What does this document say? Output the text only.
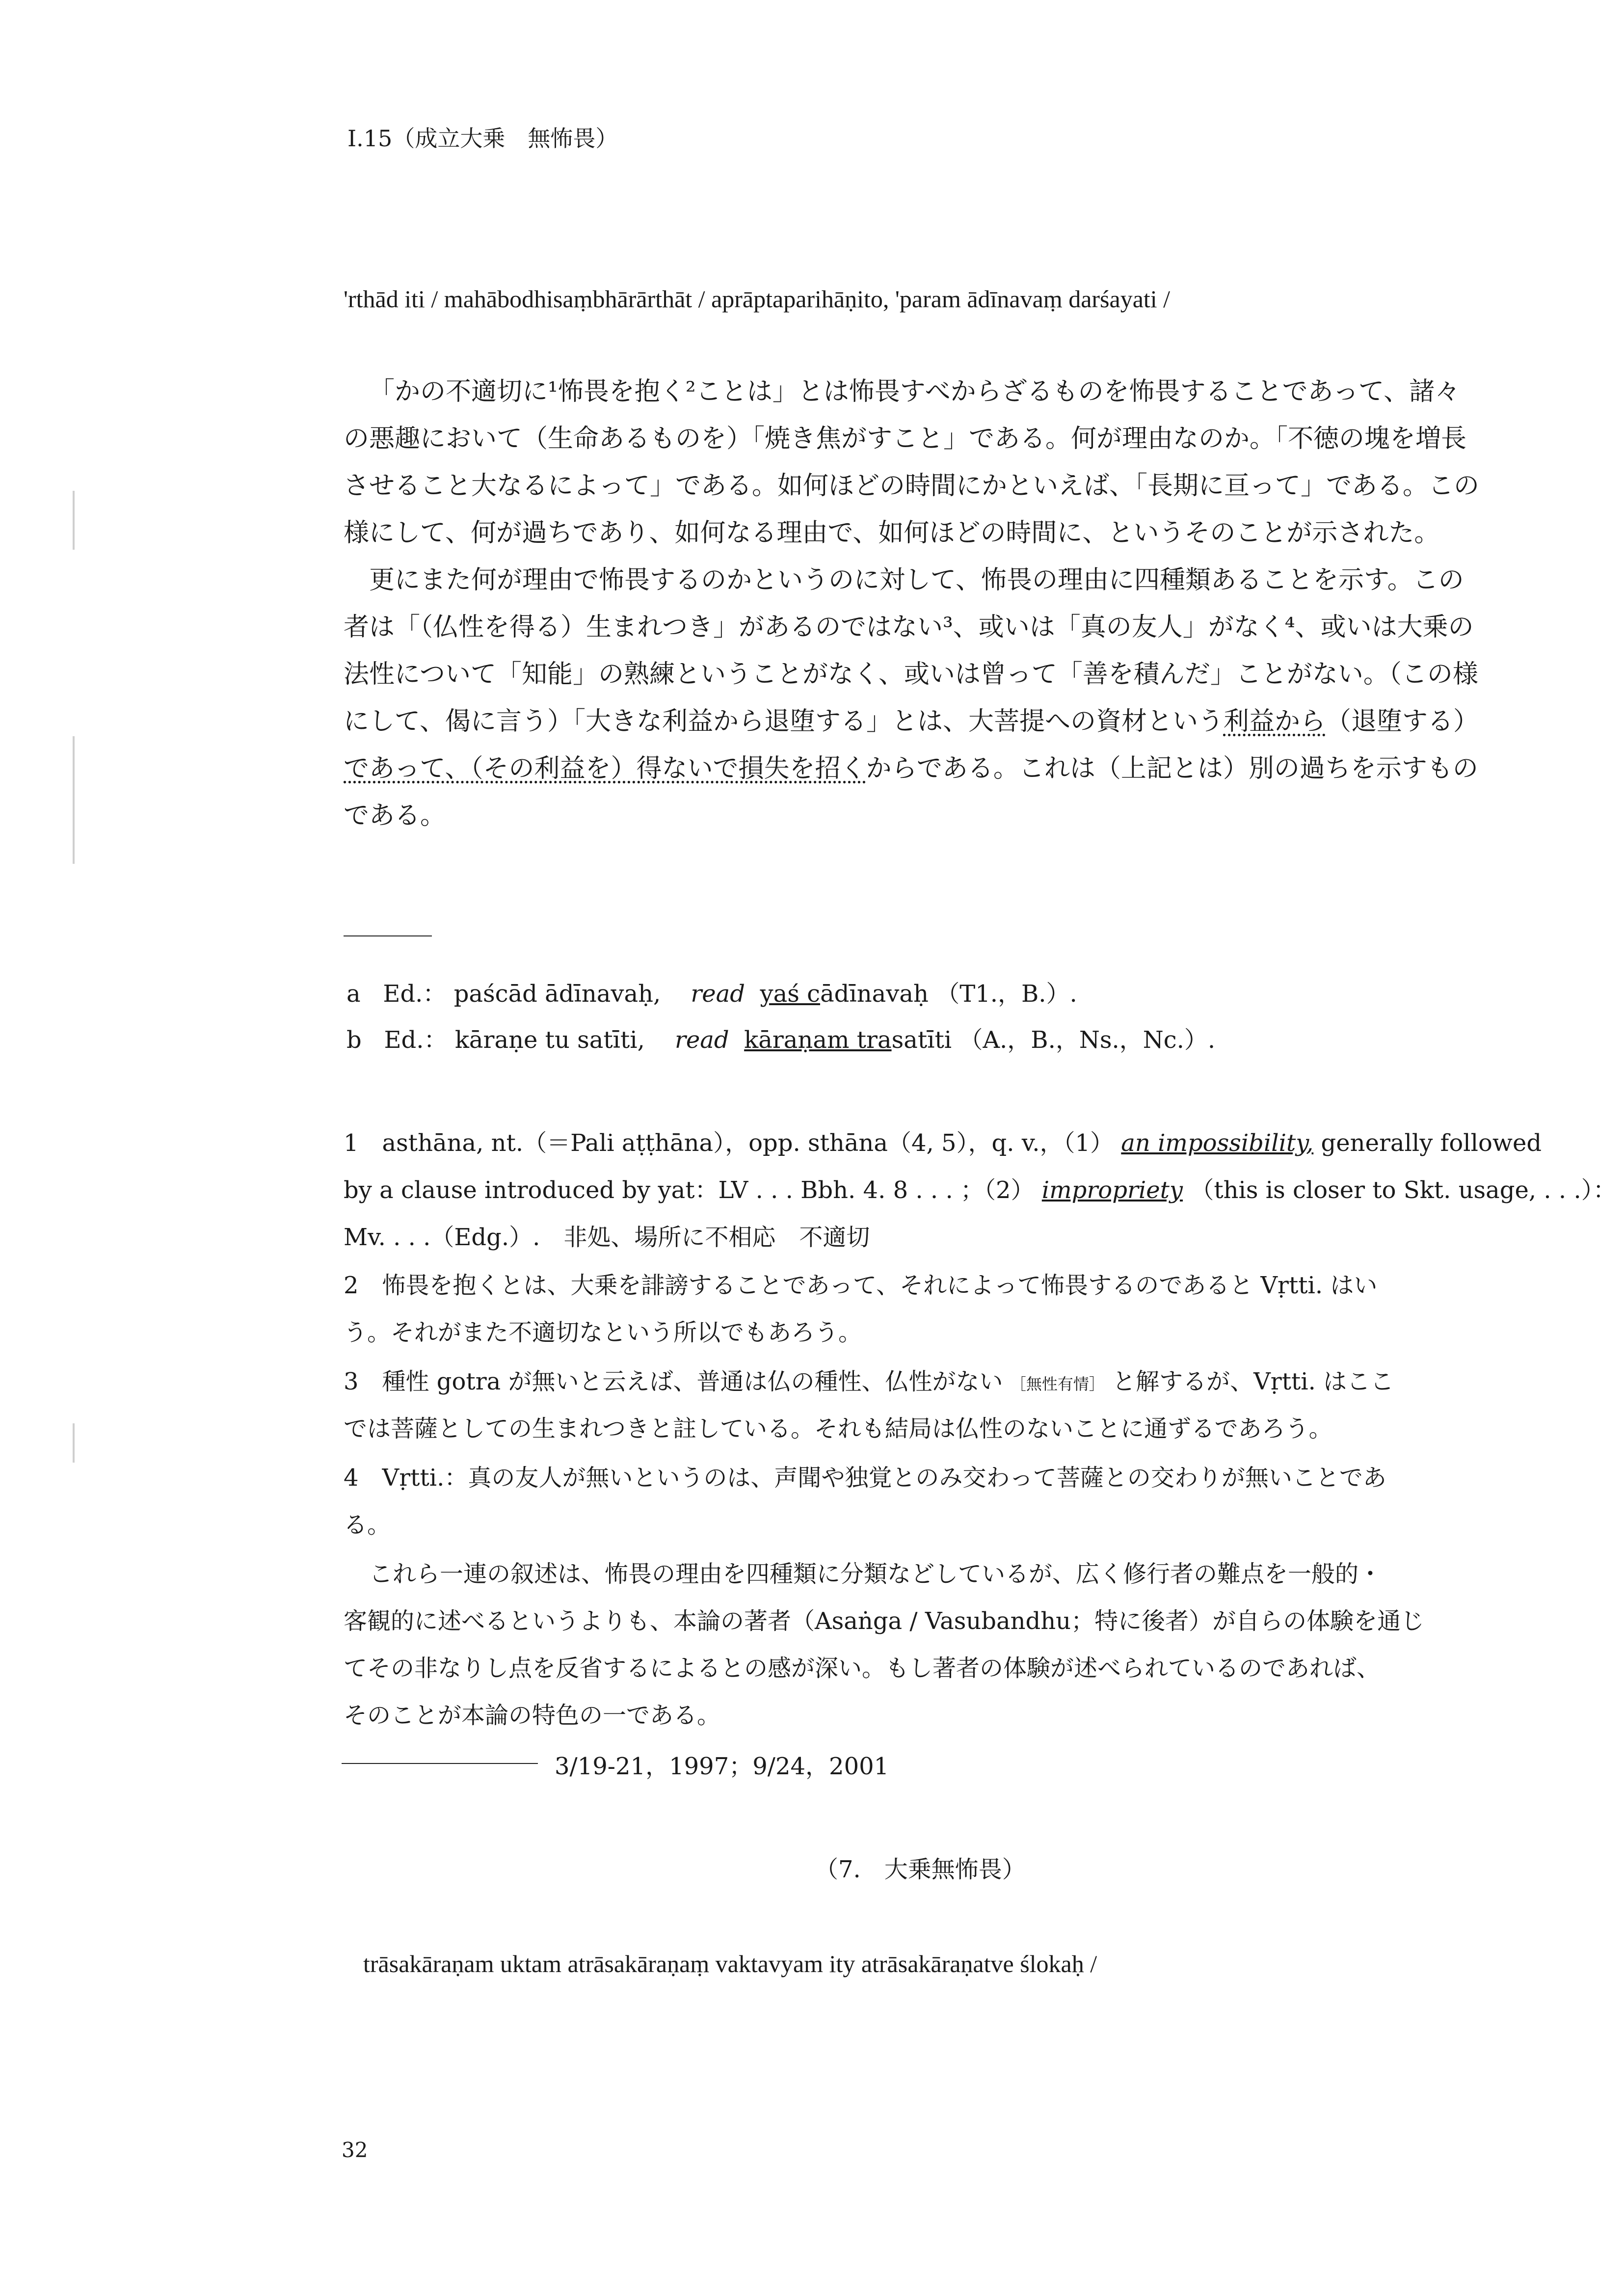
I.15（成立大乗　無怖畏）
'rthād iti / mahābodhisaṃbhārārthāt / aprāptaparihāṇito, 'param ādīnavaṃ darśayati /
「かの不適切に¹怖畏を抱く²ことは」とは怖畏すべからざるものを怖畏することであって、諸々
の悪趣において（生命あるものを）「焼き焦がすこと」である。何が理由なのか。「不徳の塊を増長
させること大なるによって」である。如何ほどの時間にかといえば、「長期に亘って」である。この
様にして、何が過ちであり、如何なる理由で、如何ほどの時間に、というそのことが示された。
更にまた何が理由で怖畏するのかというのに対して、怖畏の理由に四種類あることを示す。この
者は「（仏性を得る）生まれつき」があるのではない³、或いは「真の友人」がなく⁴、或いは大乗の
法性について「知能」の熟練ということがなく、或いは曾って「善を積んだ」ことがない。（この様
にして、偈に言う）「大きな利益から退堕する」とは、大菩提への資材という利益から（退堕する）
であって、（その利益を）得ないで損失を招くからである。これは（上記とは）別の過ちを示すもの
である。
a Ed.： paścād ādīnavaḥ, read yaś cādīnavaḥ （T1.，B.）.
b Ed.： kāraṇe tu satīti, read kāraṇam trasatīti （A.，B.，Ns.，Nc.）.
1　asthāna, nt.（＝Pali aṭṭhāna），opp. sthāna（4, 5），q. v.，（1） an impossibility, generally followed
by a clause introduced by yat：LV . . . Bbh. 4. 8 . . . ；（2） impropriety （this is closer to Skt. usage, . . .）：
Mv. . . .（Edg.）.　非処、場所に不相応　不適切
2　怖畏を抱くとは、大乗を誹謗することであって、それによって怖畏するのであると Vṛtti. はい
う。それがまた不適切なという所以でもあろう。
3　種性 gotra が無いと云えば、普通は仏の種性、仏性がない ［無性有情］ と解するが、Vṛtti. はここ
では菩薩としての生まれつきと註している。それも結局は仏性のないことに通ずるであろう。
4　Vṛtti.：真の友人が無いというのは、声聞や独覚とのみ交わって菩薩との交わりが無いことであ
る。
これら一連の叙述は、怖畏の理由を四種類に分類などしているが、広く修行者の難点を一般的・
客観的に述べるというよりも、本論の著者（Asaṅga / Vasubandhu；特に後者）が自らの体験を通じ
てその非なりし点を反省するによるとの感が深い。もし著者の体験が述べられているのであれば、
そのことが本論の特色の一である。
3/19-21，1997；9/24，2001
（7.　大乗無怖畏）
trāsakāraṇam uktam atrāsakāraṇaṃ vaktavyam ity atrāsakāraṇatve ślokaḥ /
32
